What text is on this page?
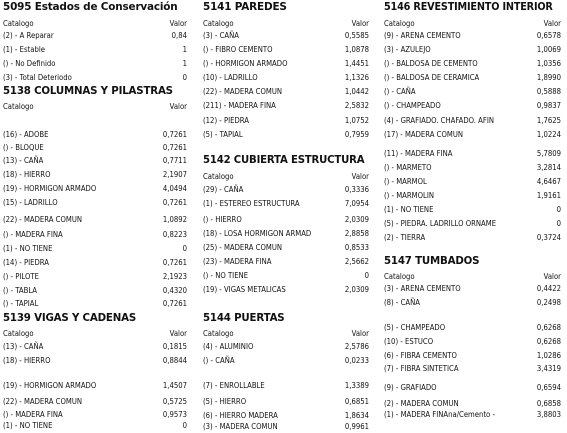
5095 Estados de Conservación
Catalogo	Valor
(2) - A Reparar	0,84
(1) - Estable	1
() - No Definido	1
(3) - Total Deteriodo	0
5138 COLUMNAS Y PILASTRAS
Catalogo	Valor
(16) - ADOBE	0,7261
() - BLOQUE	0,7261
(13) - CAÑA	0,7711
(18) - HIERRO	2,1907
(19) - HORMIGON ARMADO	4,0494
(15) - LADRILLO	0,7261
(22) - MADERA COMUN	1,0892
() - MADERA FINA	0,8223
(1) - NO TIENE	0
(14) - PIEDRA	0,7261
() - PILOTE	2,1923
() - TABLA	0,4320
() - TAPIAL	0,7261
5139 VIGAS Y CADENAS
Catalogo	Valor
(13) - CAÑA	0,1815
(18) - HIERRO	0,8844
(19) - HORMIGON ARMADO	1,4507
(22) - MADERA COMUN	0,5725
() - MADERA FINA	0,9573
(1) - NO TIENE	0
5141 PAREDES
Catalogo	Valor
(3) - CAÑA	0,5585
() - FIBRO CEMENTO	1,0878
() - HORMIGON ARMADO	1,4451
(10) - LADRILLO	1,1326
(22) - MADERA COMUN	1,0442
(211) - MADERA FINA	2,5832
(12) - PIEDRA	1,0752
(5) - TAPIAL	0,7959
5142 CUBIERTA ESTRUCTURA
Catalogo	Valor
(29) - CAÑA	0,3336
(1) - ESTEREO ESTRUCTURA	7,0954
() - HIERRO	2,0309
(18) - LOSA HORMIGON ARMAD	2,8858
(25) - MADERA COMUN	0,8533
(23) - MADERA FINA	2,5662
() - NO TIENE	0
(19) - VIGAS METALICAS	2,0309
5144 PUERTAS
Catalogo	Valor
(4) - ALUMINIO	2,5786
() - CAÑA	0,0233
(7) - ENROLLABLE	1,3389
(5) - HIERRO	0,6851
(6) - HIERRO MADERA	1,8634
(3) - MADERA COMUN	0,9961
5146 REVESTIMIENTO INTERIOR
Catalogo	Valor
(9) - ARENA CEMENTO	0,6578
(3) - AZULEJO	1,0069
() - BALDOSA DE CEMENTO	1,0356
() - BALDOSA DE CERAMICA	1,8990
() - CAÑA	0,5888
() - CHAMPEADO	0,9837
(4) - GRAFIADO. CHAFADO. AFIN	1,7625
(17) - MADERA COMUN	1,0224
(11) - MADERA FINA	5,7809
() - MARMETO	3,2814
() - MARMOL	4,6467
() - MARMOLIN	1,9161
(1) - NO TIENE	0
(5) - PIEDRA. LADRILLO ORNAME	0
(2) - TIERRA	0,3724
5147 TUMBADOS
Catalogo	Valor
(3) - ARENA CEMENTO	0,4422
(8) - CAÑA	0,2498
(5) - CHAMPEADO	0,6268
(10) - ESTUCO	0,6268
(6) - FIBRA CEMENTO	1,0286
(7) - FIBRA SINTETICA	3,4319
(9) - GRAFIADO	0,6594
(2) - MADERA COMUN	0,6858
(1) - MADERA FINAna/Cemento -	3,8803
